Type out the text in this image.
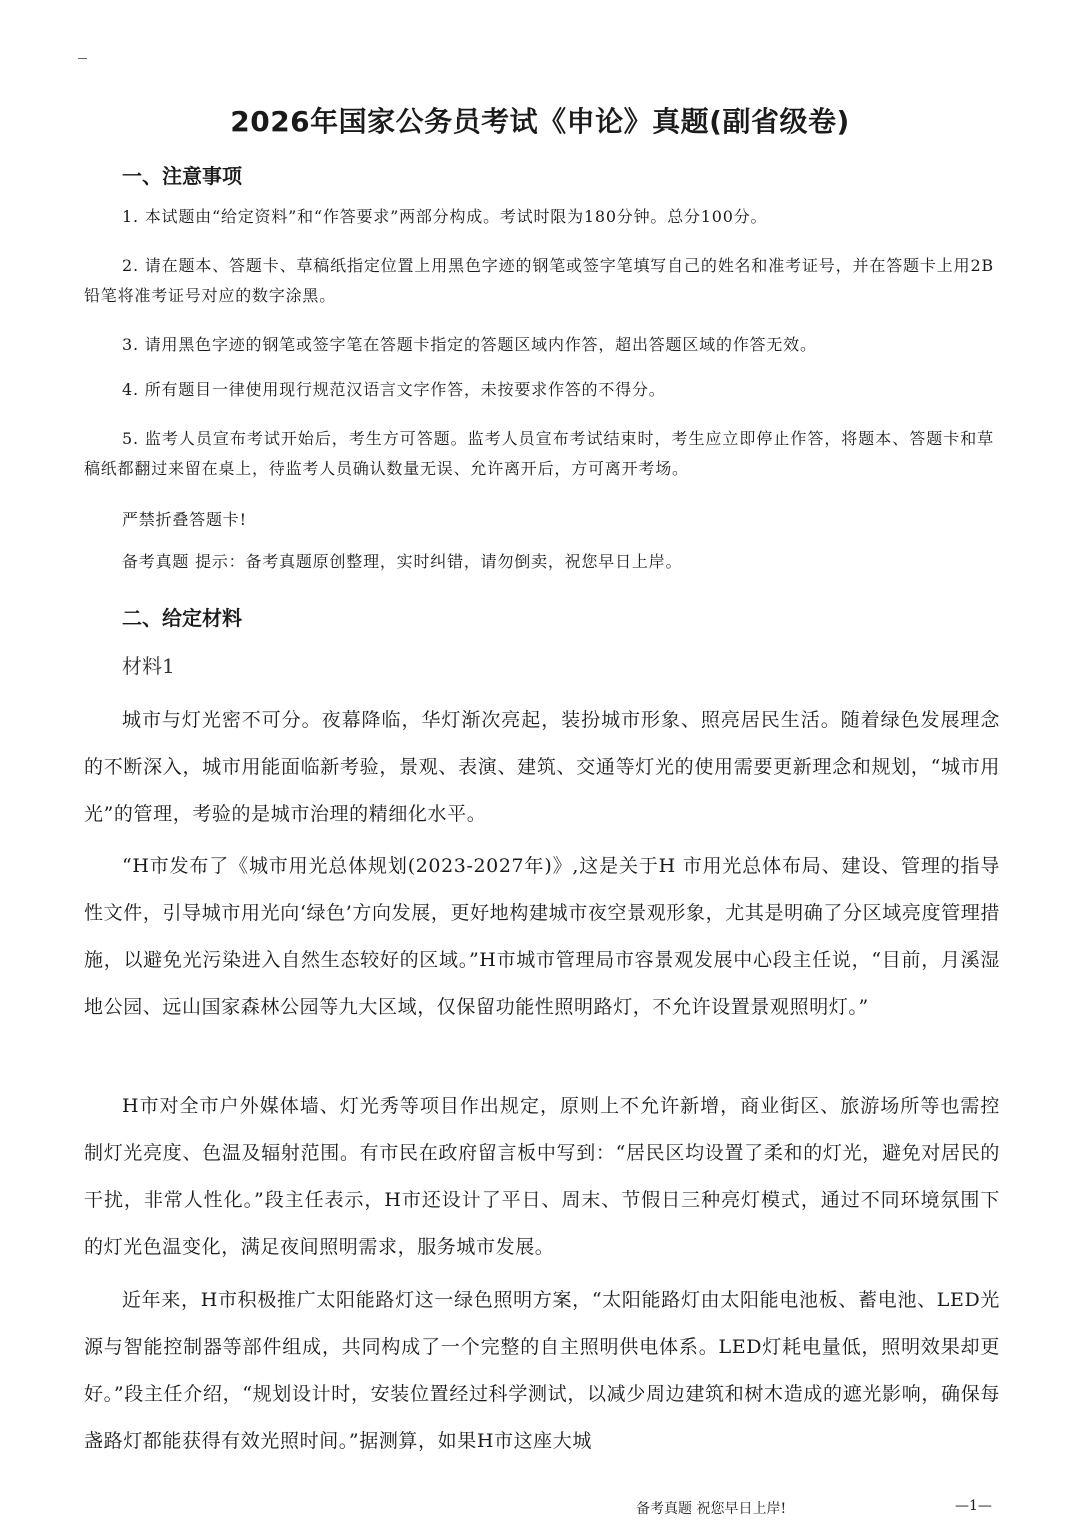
2026年国家公务员考试《申论》真题(副省级卷)
一、注意事项

1. 本试题由“给定资料”和“作答要求”两部分构成。考试时限为180分钟。总分100分。

2. 请在题本、答题卡、草稿纸指定位置上用黑色字迹的钢笔或签字笔填写自己的姓名和准考证号，并在答题卡上用2B铅笔将准考证号对应的数字涂黑。

3. 请用黑色字迹的钢笔或签字笔在答题卡指定的答题区域内作答，超出答题区域的作答无效。

4. 所有题目一律使用现行规范汉语言文字作答，未按要求作答的不得分。

5. 监考人员宣布考试开始后，考生方可答题。监考人员宣布考试结束时，考生应立即停止作答，将题本、答题卡和草稿纸都翻过来留在桌上，待监考人员确认数量无误、允许离开后，方可离开考场。

严禁折叠答题卡!

备考真题 提示：备考真题原创整理，实时纠错，请勿倒卖，祝您早日上岸。

二、给定材料

材料1

城市与灯光密不可分。夜幕降临，华灯渐次亮起，装扮城市形象、照亮居民生活。随着绿色发展理念的不断深入，城市用能面临新考验，景观、表演、建筑、交通等灯光的使用需要更新理念和规划，“城市用光”的管理，考验的是城市治理的精细化水平。

“H市发布了《城市用光总体规划(2023-2027年)》,这是关于H 市用光总体布局、建设、管理的指导性文件，引导城市用光向‘绿色’方向发展，更好地构建城市夜空景观形象，尤其是明确了分区域亮度管理措施，以避免光污染进入自然生态较好的区域。”H市城市管理局市容景观发展中心段主任说，“目前，月溪湿地公园、远山国家森林公园等九大区域，仅保留功能性照明路灯，不允许设置景观照明灯。”

H市对全市户外媒体墙、灯光秀等项目作出规定，原则上不允许新增，商业街区、旅游场所等也需控制灯光亮度、色温及辐射范围。有市民在政府留言板中写到：“居民区均设置了柔和的灯光，避免对居民的干扰，非常人性化。”段主任表示，H市还设计了平日、周末、节假日三种亮灯模式，通过不同环境氛围下的灯光色温变化，满足夜间照明需求，服务城市发展。

近年来，H市积极推广太阳能路灯这一绿色照明方案，“太阳能路灯由太阳能电池板、蓄电池、LED光源与智能控制器等部件组成，共同构成了一个完整的自主照明供电体系。LED灯耗电量低，照明效果却更好。”段主任介绍，“规划设计时，安装位置经过科学测试，以减少周边建筑和树木造成的遮光影响，确保每盏路灯都能获得有效光照时间。”据测算，如果H市这座大城

备考真题 祝您早日上岸!	—1—
